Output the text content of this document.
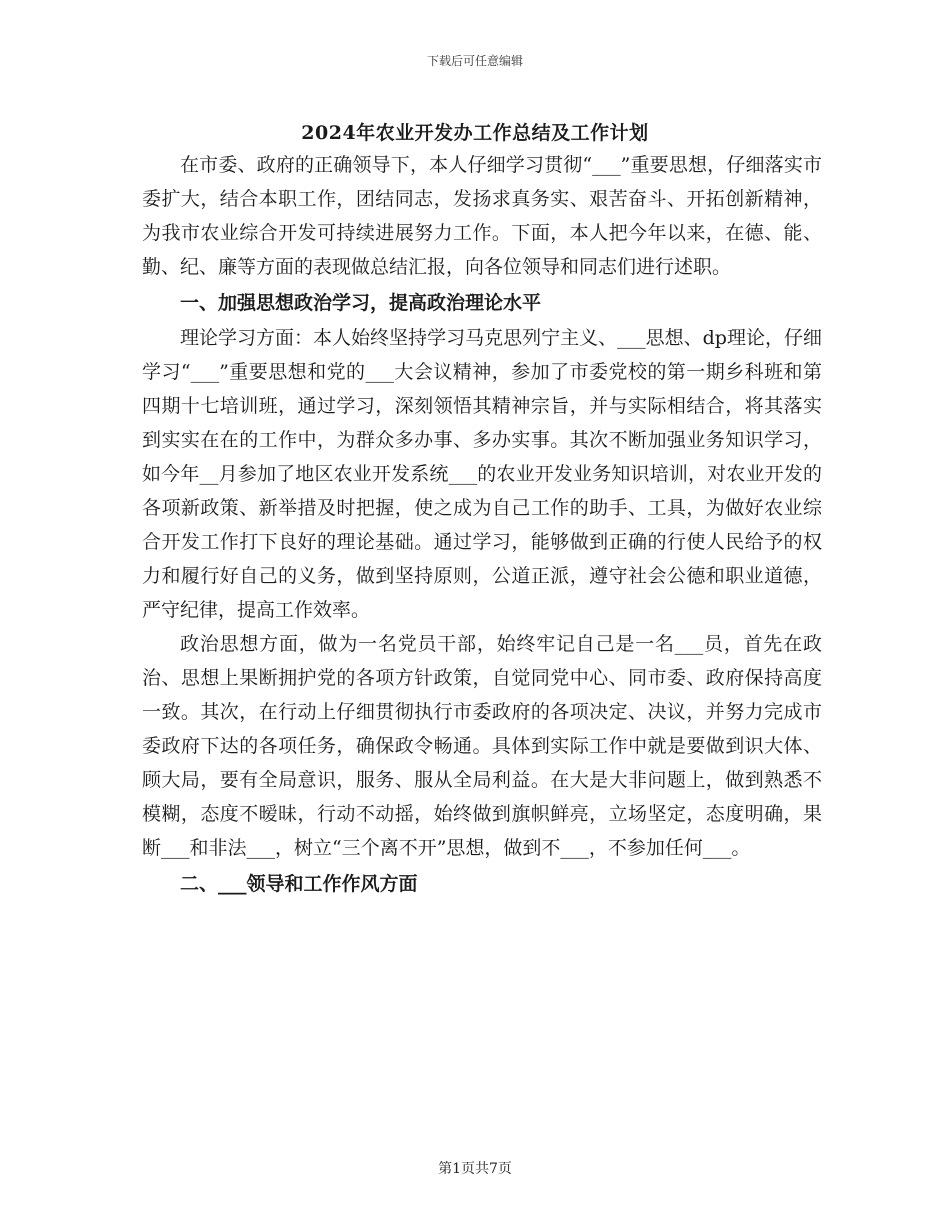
下载后可任意编辑
2024年农业开发办工作总结及工作计划

在市委、政府的正确领导下，本人仔细学习贯彻“___”重要思想，仔细落实市委扩大，结合本职工作，团结同志，发扬求真务实、艰苦奋斗、开拓创新精神，为我市农业综合开发可持续进展努力工作。下面，本人把今年以来，在德、能、勤、纪、廉等方面的表现做总结汇报，向各位领导和同志们进行述职。

一、加强思想政治学习，提高政治理论水平

理论学习方面：本人始终坚持学习马克思列宁主义、___思想、dp理论，仔细学习“___”重要思想和党的___大会议精神，参加了市委党校的第一期乡科班和第四期十七培训班，通过学习，深刻领悟其精神宗旨，并与实际相结合，将其落实到实实在在的工作中，为群众多办事、多办实事。其次不断加强业务知识学习，如今年__月参加了地区农业开发系统___的农业开发业务知识培训，对农业开发的各项新政策、新举措及时把握，使之成为自己工作的助手、工具，为做好农业综合开发工作打下良好的理论基础。通过学习，能够做到正确的行使人民给予的权力和履行好自己的义务，做到坚持原则，公道正派，遵守社会公德和职业道德，严守纪律，提高工作效率。

政治思想方面，做为一名党员干部，始终牢记自己是一名___员，首先在政治、思想上果断拥护党的各项方针政策，自觉同党中心、同市委、政府保持高度一致。其次，在行动上仔细贯彻执行市委政府的各项决定、决议，并努力完成市委政府下达的各项任务，确保政令畅通。具体到实际工作中就是要做到识大体、顾大局，要有全局意识，服务、服从全局利益。在大是大非问题上，做到熟悉不模糊，态度不暧昧，行动不动摇，始终做到旗帜鲜亮，立场坚定，态度明确，果断___和非法___，树立“三个离不开”思想，做到不___，不参加任何___。

二、___领导和工作作风方面

第1页共7页
